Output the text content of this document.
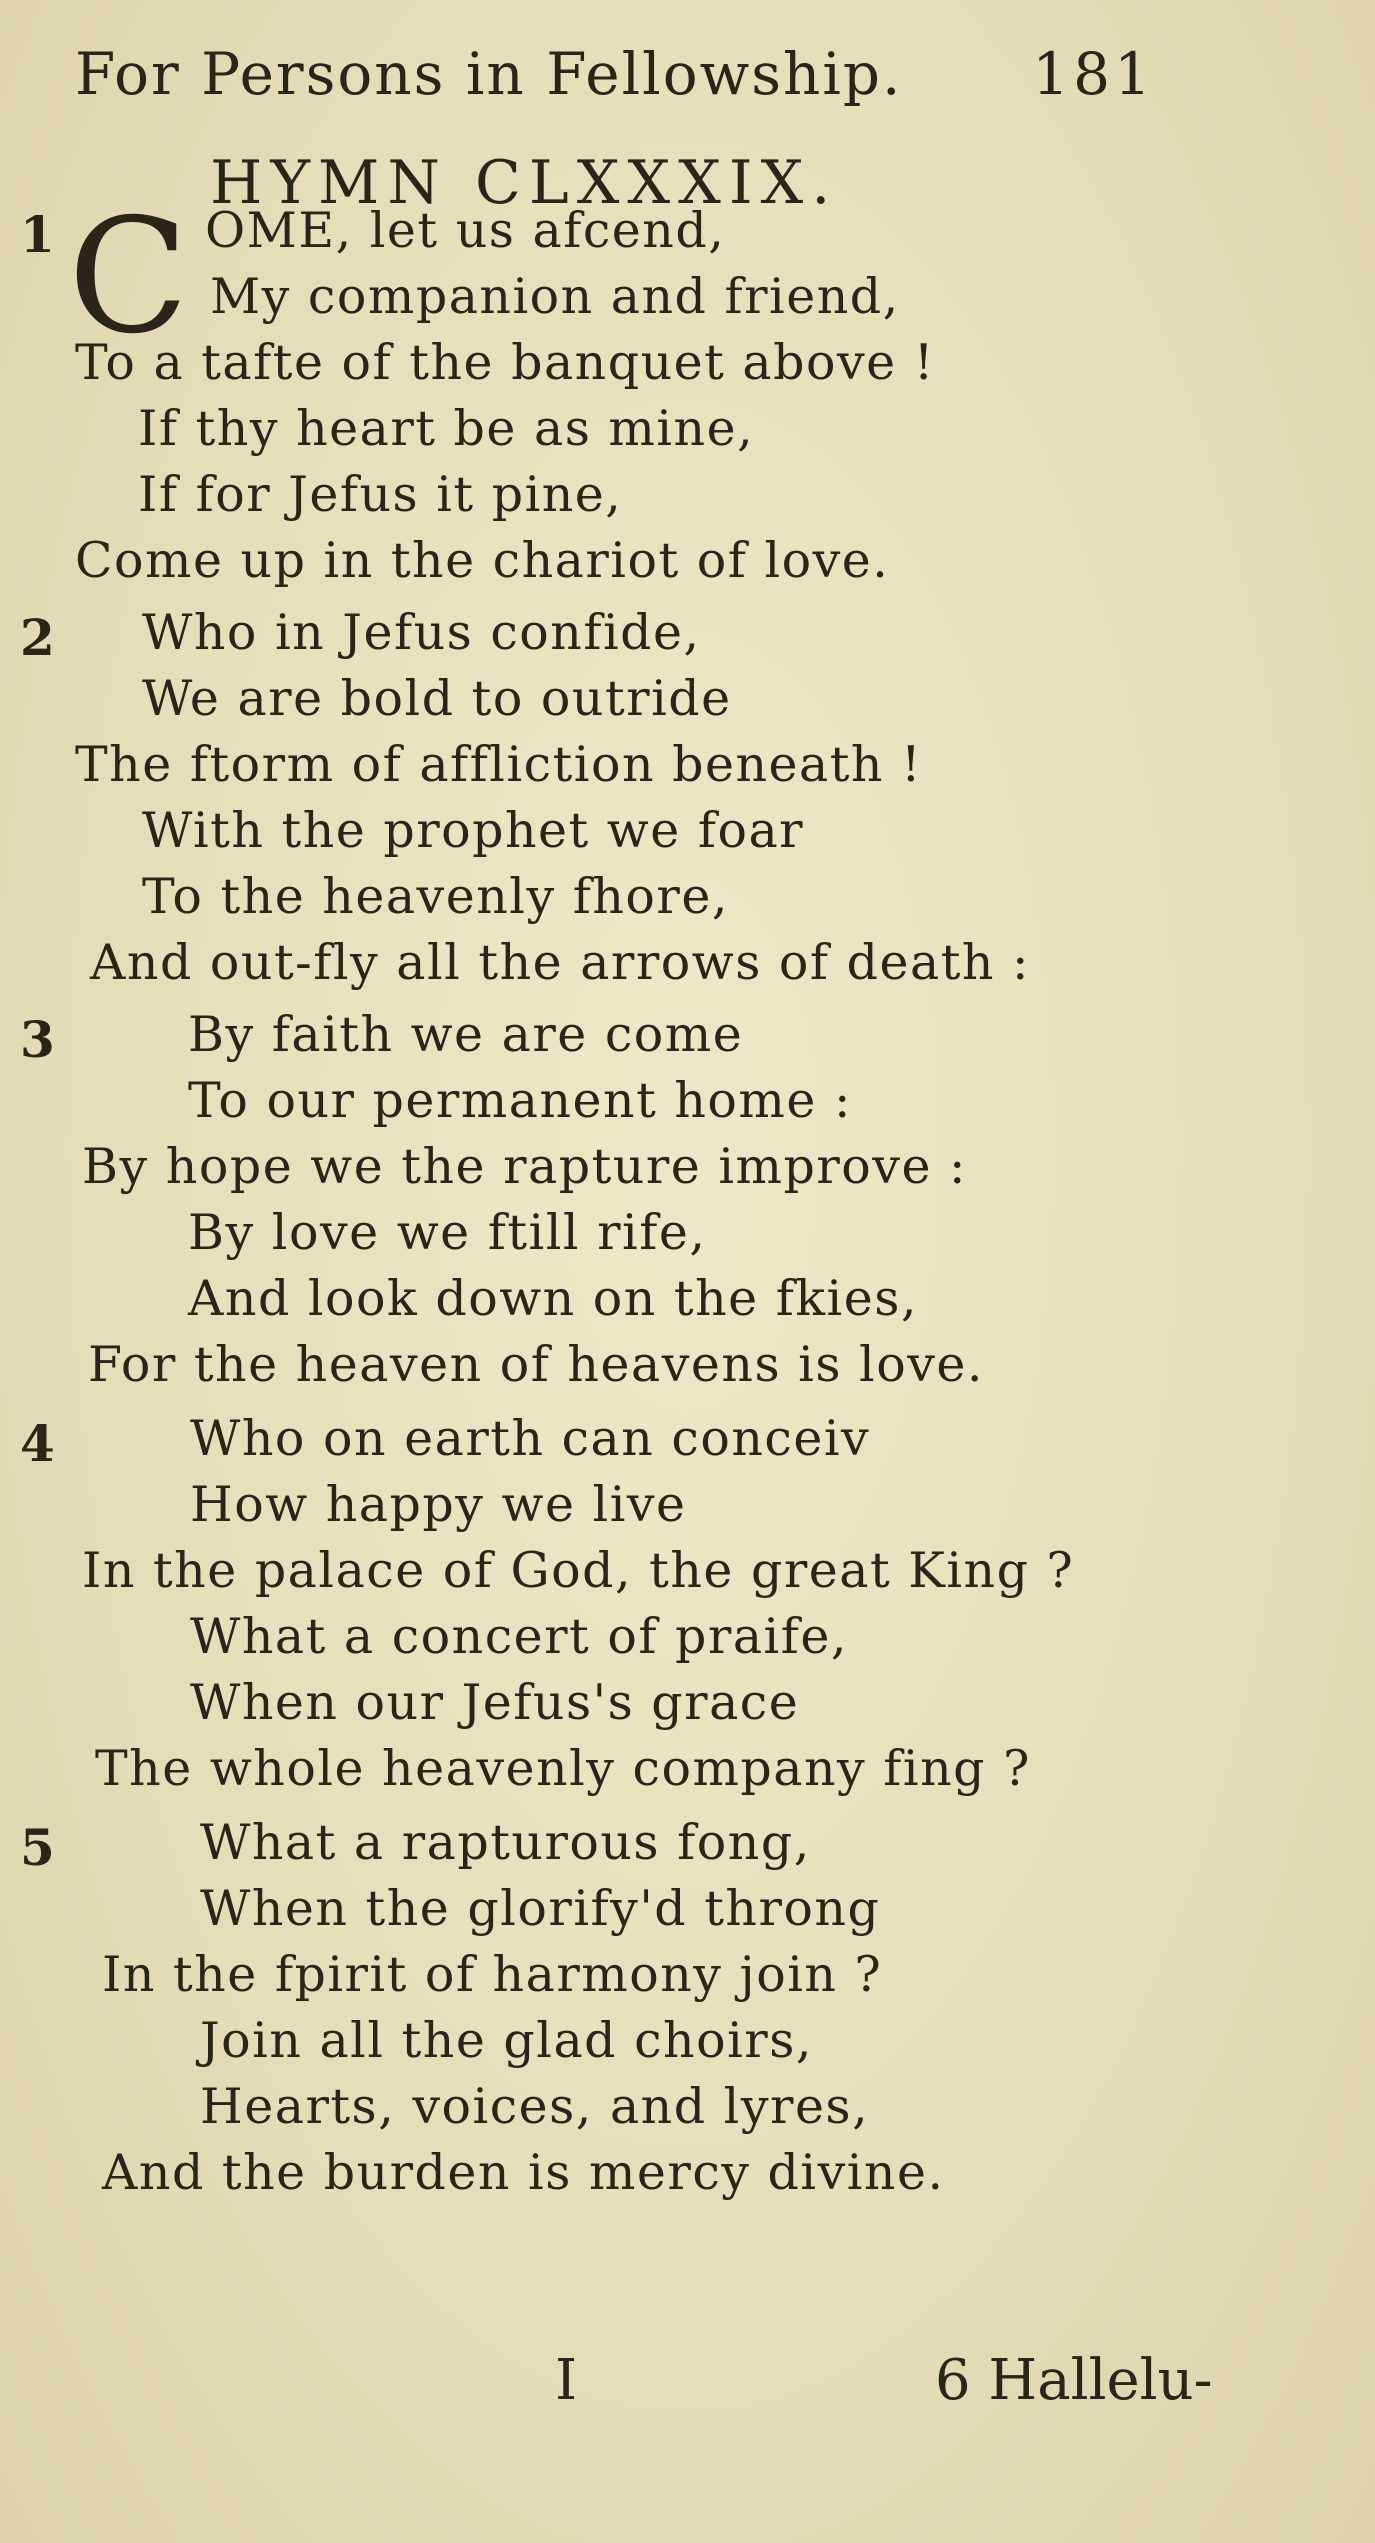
For Persons in Fellowship. 181
HYMN CLXXXIX.
1 C OME, let us afcend,
My companion and friend,
To a tafte of the banquet above !
If thy heart be as mine,
If for Jefus it pine,
Come up in the chariot of love.
2 Who in Jefus confide,
We are bold to outride
The ftorm of affliction beneath !
With the prophet we foar
To the heavenly fhore,
And out-fly all the arrows of death :
3	By faith we are come
To our permanent home :
By hope we the rapture improve :
By love we ftill rife,
And look down on the fkies,
For the heaven of heavens is love.
4	Who on earth can conceiv
How happy we live
In the palace of God, the great King ?
What a concert of praife,
When our Jefus's grace
The whole heavenly company fing ?
5	What a rapturous fong,
When the glorify'd throng
In the fpirit of harmony join ?
Join all the glad choirs,
Hearts, voices, and lyres,
And the burden is mercy divine.
I	6 Hallelu-
